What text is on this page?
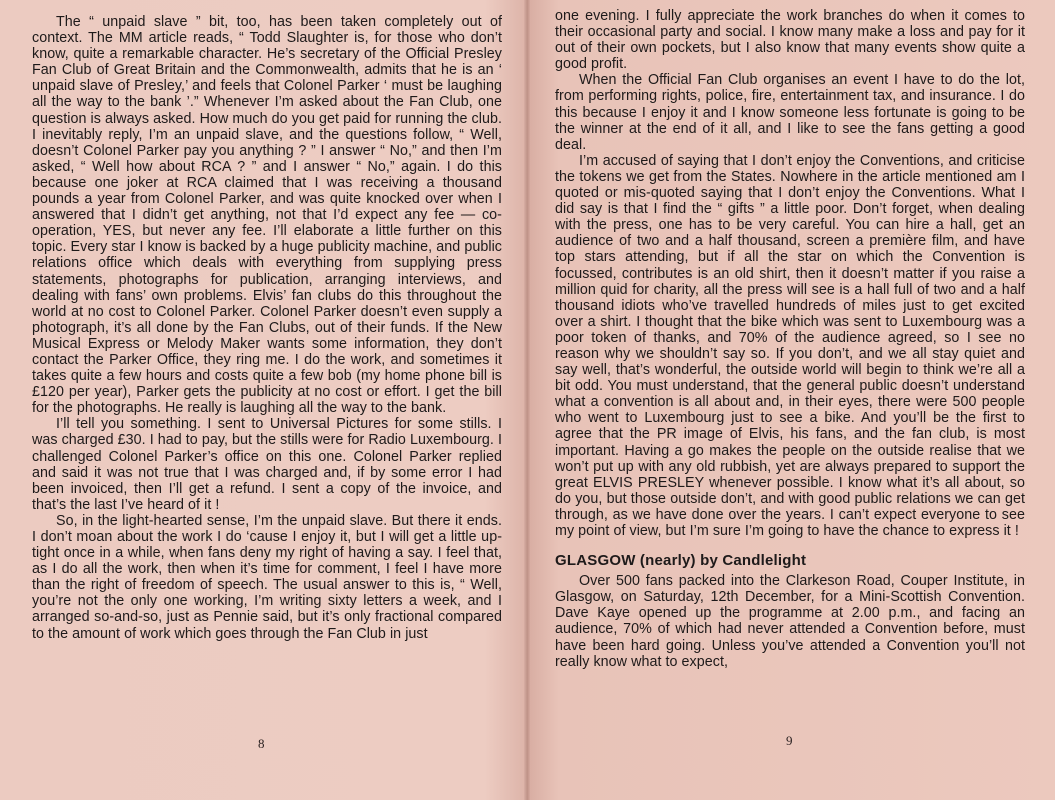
The “ unpaid slave ” bit, too, has been taken completely out of context. The MM article reads, “ Todd Slaughter is, for those who don’t know, quite a remarkable character. He’s secretary of the Official Presley Fan Club of Great Britain and the Commonwealth, admits that he is an ‘ unpaid slave of Presley,’ and feels that Colonel Parker ‘ must be laughing all the way to the bank ’.” Whenever I’m asked about the Fan Club, one question is always asked. How much do you get paid for running the club. I inevitably reply, I’m an unpaid slave, and the questions follow, “ Well, doesn’t Colonel Parker pay you anything ? ” I answer “ No,” and then I’m asked, “ Well how about RCA ? ” and I answer “ No,” again. I do this because one joker at RCA claimed that I was receiving a thousand pounds a year from Colonel Parker, and was quite knocked over when I answered that I didn’t get anything, not that I’d expect any fee — co-operation, YES, but never any fee. I’ll elaborate a little further on this topic. Every star I know is backed by a huge publicity machine, and public relations office which deals with everything from supplying press statements, photographs for publication, arranging interviews, and dealing with fans’ own problems. Elvis’ fan clubs do this throughout the world at no cost to Colonel Parker. Colonel Parker doesn’t even supply a photograph, it’s all done by the Fan Clubs, out of their funds. If the New Musical Express or Melody Maker wants some information, they don’t contact the Parker Office, they ring me. I do the work, and sometimes it takes quite a few hours and costs quite a few bob (my home phone bill is £120 per year), Parker gets the publicity at no cost or effort. I get the bill for the photographs. He really is laughing all the way to the bank.

I’ll tell you something. I sent to Universal Pictures for some stills. I was charged £30. I had to pay, but the stills were for Radio Luxembourg. I challenged Colonel Parker’s office on this one. Colonel Parker replied and said it was not true that I was charged and, if by some error I had been invoiced, then I’ll get a refund. I sent a copy of the invoice, and that’s the last I’ve heard of it !

So, in the light-hearted sense, I’m the unpaid slave. But there it ends. I don’t moan about the work I do ‘cause I enjoy it, but I will get a little up-tight once in a while, when fans deny my right of having a say. I feel that, as I do all the work, then when it’s time for comment, I feel I have more than the right of freedom of speech. The usual answer to this is, “ Well, you’re not the only one working, I’m writing sixty letters a week, and I arranged so-and-so, just as Pennie said, but it’s only fractional compared to the amount of work which goes through the Fan Club in just

8

one evening. I fully appreciate the work branches do when it comes to their occasional party and social. I know many make a loss and pay for it out of their own pockets, but I also know that many events show quite a good profit.

When the Official Fan Club organises an event I have to do the lot, from performing rights, police, fire, entertainment tax, and insurance. I do this because I enjoy it and I know someone less fortunate is going to be the winner at the end of it all, and I like to see the fans getting a good deal.

I’m accused of saying that I don’t enjoy the Conventions, and criticise the tokens we get from the States. Nowhere in the article mentioned am I quoted or mis-quoted saying that I don’t enjoy the Conventions. What I did say is that I find the “ gifts ” a little poor. Don’t forget, when dealing with the press, one has to be very careful. You can hire a hall, get an audience of two and a half thousand, screen a première film, and have top stars attending, but if all the star on which the Convention is focussed, contributes is an old shirt, then it doesn’t matter if you raise a million quid for charity, all the press will see is a hall full of two and a half thousand idiots who’ve travelled hundreds of miles just to get excited over a shirt. I thought that the bike which was sent to Luxembourg was a poor token of thanks, and 70% of the audience agreed, so I see no reason why we shouldn’t say so. If you don’t, and we all stay quiet and say well, that’s wonderful, the outside world will begin to think we’re all a bit odd. You must understand, that the general public doesn’t understand what a convention is all about and, in their eyes, there were 500 people who went to Luxembourg just to see a bike. And you’ll be the first to agree that the PR image of Elvis, his fans, and the fan club, is most important. Having a go makes the people on the outside realise that we won’t put up with any old rubbish, yet are always prepared to support the great ELVIS PRESLEY whenever possible. I know what it’s all about, so do you, but those outside don’t, and with good public relations we can get through, as we have done over the years. I can’t expect everyone to see my point of view, but I’m sure I’m going to have the chance to express it !

GLASGOW (nearly) by Candlelight

Over 500 fans packed into the Clarkeson Road, Couper Institute, in Glasgow, on Saturday, 12th December, for a Mini-Scottish Convention. Dave Kaye opened up the programme at 2.00 p.m., and facing an audience, 70% of which had never attended a Convention before, must have been hard going. Unless you’ve attended a Convention you’ll not really know what to expect,

9
